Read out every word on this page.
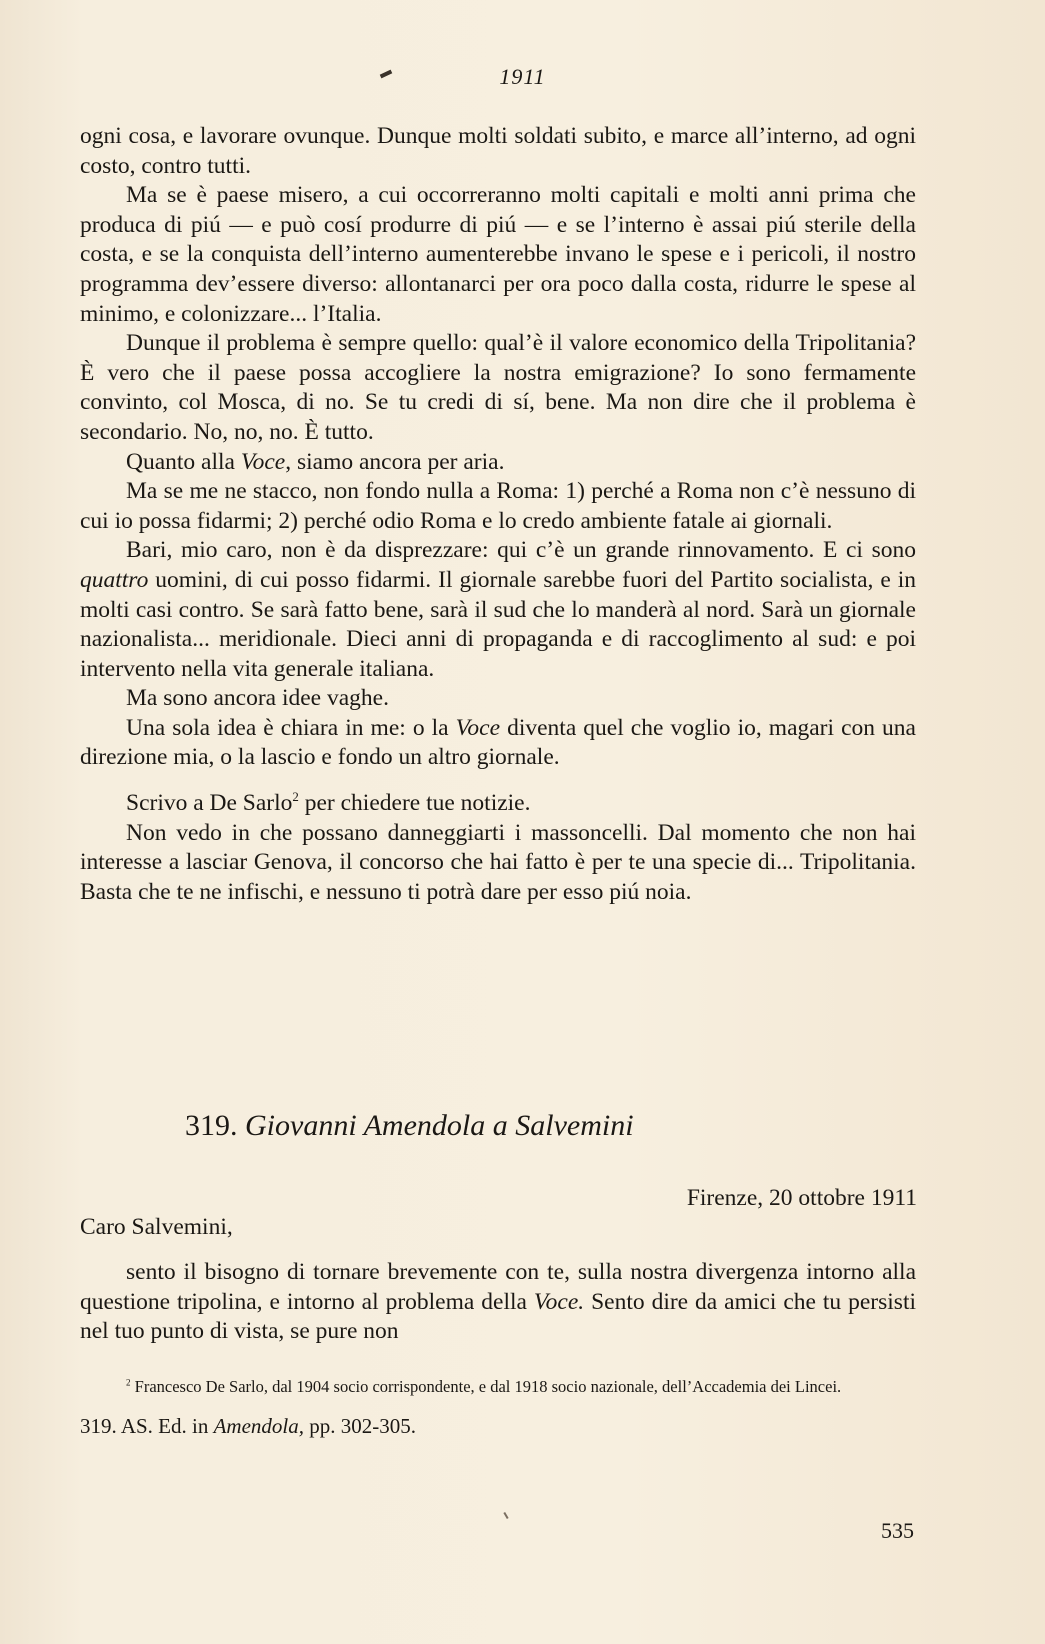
1911

ogni cosa, e lavorare ovunque. Dunque molti soldati subito, e marce all’interno, ad ogni costo, contro tutti.

Ma se è paese misero, a cui occorreranno molti capitali e molti anni prima che produca di piú — e può cosí produrre di piú — e se l’interno è assai piú sterile della costa, e se la conquista dell’interno aumenterebbe invano le spese e i pericoli, il nostro programma dev’essere diverso: allontanarci per ora poco dalla costa, ridurre le spese al minimo, e colonizzare... l’Italia.

Dunque il problema è sempre quello: qual’è il valore economico della Tripolitania? È vero che il paese possa accogliere la nostra emigrazione? Io sono fermamente convinto, col Mosca, di no. Se tu credi di sí, bene. Ma non dire che il problema è secondario. No, no, no. È tutto.

Quanto alla Voce, siamo ancora per aria.

Ma se me ne stacco, non fondo nulla a Roma: 1) perché a Roma non c’è nessuno di cui io possa fidarmi; 2) perché odio Roma e lo credo ambiente fatale ai giornali.

Bari, mio caro, non è da disprezzare: qui c’è un grande rinnovamento. E ci sono quattro uomini, di cui posso fidarmi. Il giornale sarebbe fuori del Partito socialista, e in molti casi contro. Se sarà fatto bene, sarà il sud che lo manderà al nord. Sarà un giornale nazionalista... meridionale. Dieci anni di propaganda e di raccoglimento al sud: e poi intervento nella vita generale italiana.

Ma sono ancora idee vaghe.

Una sola idea è chiara in me: o la Voce diventa quel che voglio io, magari con una direzione mia, o la lascio e fondo un altro giornale.

Scrivo a De Sarlo$^2$ per chiedere tue notizie.

Non vedo in che possano danneggiarti i massoncelli. Dal momento che non hai interesse a lasciar Genova, il concorso che hai fatto è per te una specie di... Tripolitania. Basta che te ne infischi, e nessuno ti potrà dare per esso piú noia.

319. Giovanni Amendola a Salvemini
Firenze, 20 ottobre 1911
Caro Salvemini,

sento il bisogno di tornare brevemente con te, sulla nostra divergenza intorno alla questione tripolina, e intorno al problema della Voce. Sento dire da amici che tu persisti nel tuo punto di vista, se pure non

$^2$ Francesco De Sarlo, dal 1904 socio corrispondente, e dal 1918 socio nazionale, dell’Accademia dei Lincei.

319. AS. Ed. in Amendola, pp. 302-305.

535
